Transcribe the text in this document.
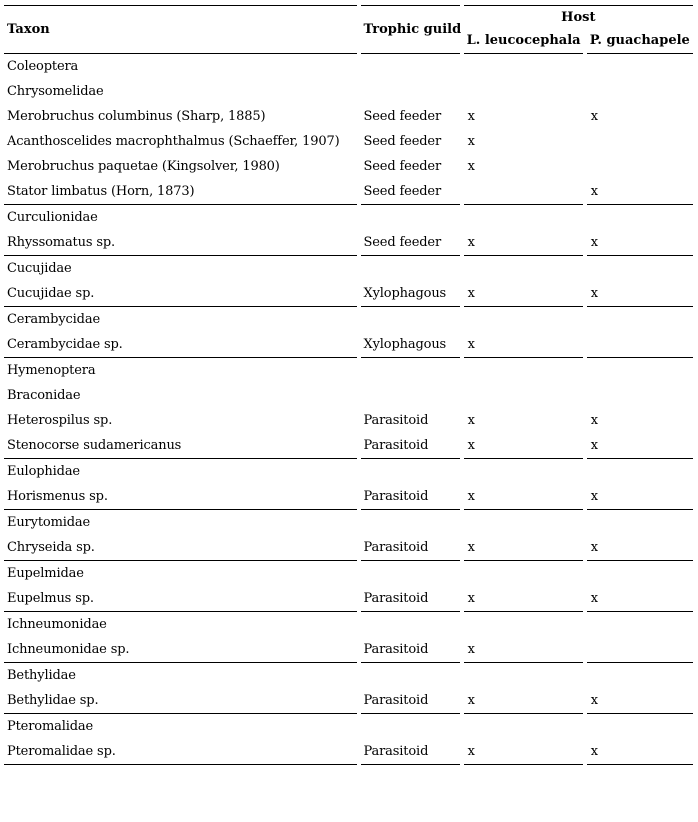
Taxon		Trophic guild		Host		
				L. leucocephala		P. guachapele
Coleoptera						
Chrysomelidae						
Merobruchus columbinus (Sharp, 1885)		Seed feeder		x		x
Acanthoscelides macrophthalmus (Schaeffer, 1907)		Seed feeder		x		
Merobruchus paquetae (Kingsolver, 1980)		Seed feeder		x		
Stator limbatus (Horn, 1873)		Seed feeder				x
Curculionidae						
Rhyssomatus sp.		Seed feeder		x		x
Cucujidae						
Cucujidae sp.		Xylophagous		x		x
Cerambycidae						
Cerambycidae sp.		Xylophagous		x		
Hymenoptera						
Braconidae						
Heterospilus sp.		Parasitoid		x		x
Stenocorse sudamericanus		Parasitoid		x		x
Eulophidae						
Horismenus sp.		Parasitoid		x		x
Eurytomidae						
Chryseida sp.		Parasitoid		x		x
Eupelmidae						
Eupelmus sp.		Parasitoid		x		x
Ichneumonidae						
Ichneumonidae sp.		Parasitoid		x		
Bethylidae						
Bethylidae sp.		Parasitoid		x		x
Pteromalidae						
Pteromalidae sp.		Parasitoid		x		x
